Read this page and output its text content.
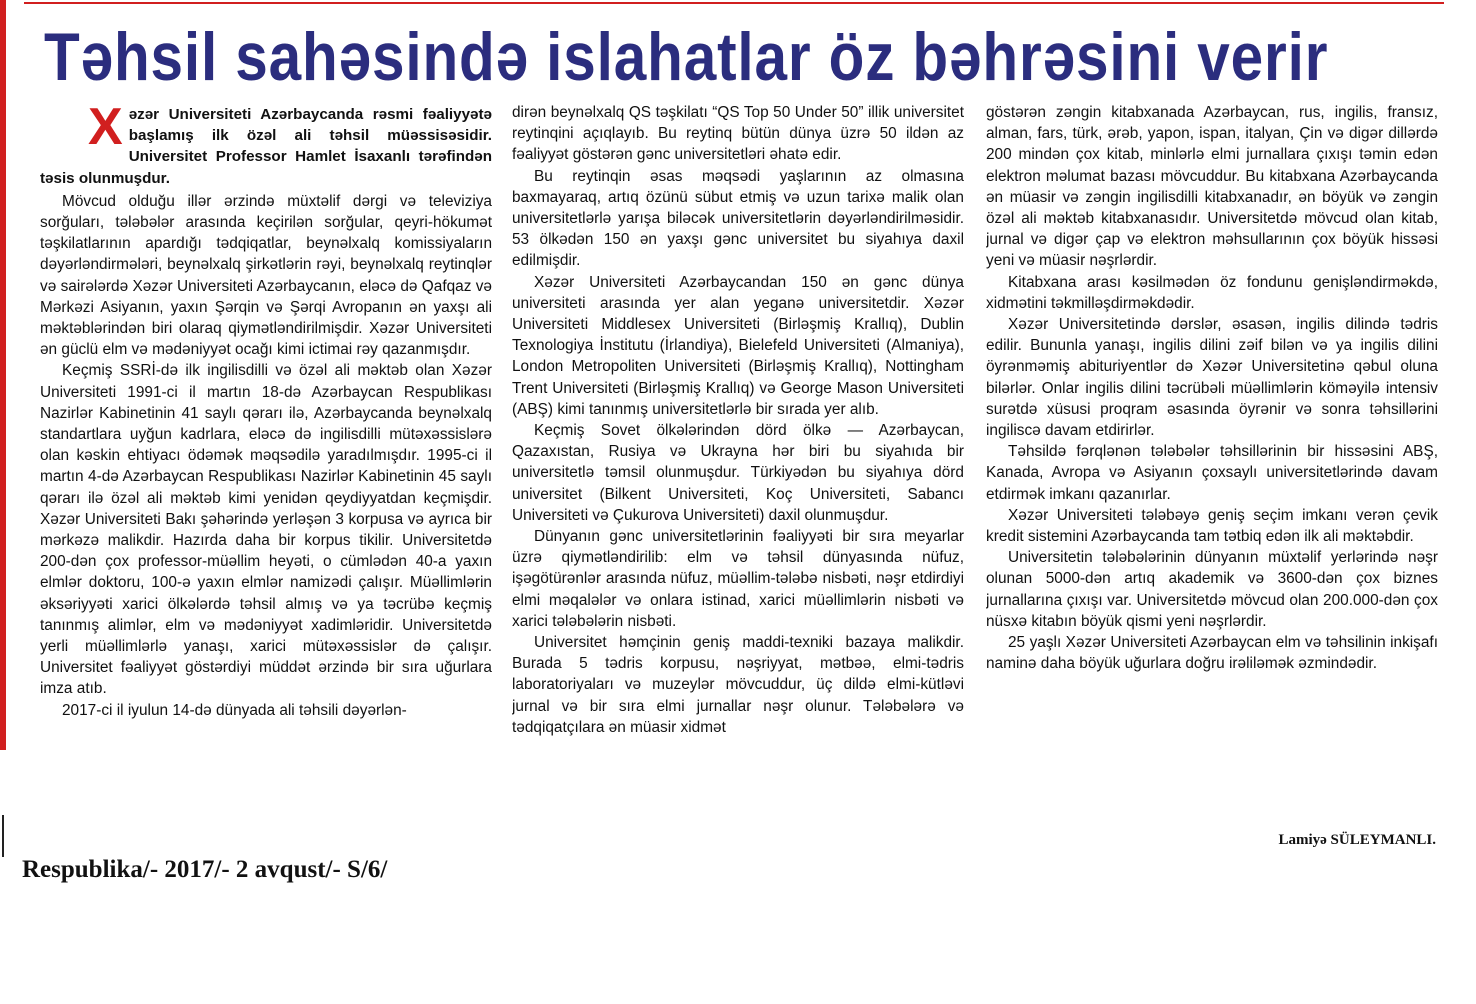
Təhsil sahəsində islahatlar öz bəhrəsini verir

Xəzər Universiteti Azərbaycanda rəsmi fəaliyyətə başlamış ilk özəl ali təhsil müəssisəsidir. Universitet Professor Hamlet İsaxanlı tərəfindən təsis olunmuşdur.

Mövcud olduğu illər ərzində müxtəlif dərgi və televiziya sorğuları, tələbələr arasında keçirilən sorğular, qeyri-hökumət təşkilatlarının apardığı tədqiqatlar, beynəlxalq komissiyaların dəyərləndirmələri, beynəlxalq şirkətlərin rəyi, beynəlxalq reytinqlər və sairələrdə Xəzər Universiteti Azərbaycanın, eləcə də Qafqaz və Mərkəzi Asiyanın, yaxın Şərqin və Şərqi Avropanın ən yaxşı ali məktəblərindən biri olaraq qiymətləndirilmişdir. Xəzər Universiteti ən güclü elm və mədəniyyət ocağı kimi ictimai rəy qazanmışdır.

Keçmiş SSRİ-də ilk ingilisdilli və özəl ali məktəb olan Xəzər Universiteti 1991-ci il martın 18-də Azərbaycan Respublikası Nazirlər Kabinetinin 41 saylı qərarı ilə, Azərbaycanda beynəlxalq standartlara uyğun kadrlara, eləcə də ingilisdilli mütəxəssislərə olan kəskin ehtiyacı ödəmək məqsədilə yaradılmışdır. 1995-ci il martın 4-də Azərbaycan Respublikası Nazirlər Kabinetinin 45 saylı qərarı ilə özəl ali məktəb kimi yenidən qeydiyyatdan keçmişdir. Xəzər Universiteti Bakı şəhərində yerləşən 3 korpusa və ayrıca bir mərkəzə malikdir. Hazırda daha bir korpus tikilir. Universitetdə 200-dən çox professor-müəllim heyəti, o cümlədən 40-a yaxın elmlər doktoru, 100-ə yaxın elmlər namizədi çalışır. Müəllimlərin əksəriyyəti xarici ölkələrdə təhsil almış və ya təcrübə keçmiş tanınmış alimlər, elm və mədəniyyət xadimləridir. Universitetdə yerli müəllimlərlə yanaşı, xarici mütəxəssislər də çalışır. Universitet fəaliyyət göstərdiyi müddət ərzində bir sıra uğurlara imza atıb.

2017-ci il iyulun 14-də dünyada ali təhsili dəyərlən-

dirən beynəlxalq QS təşkilatı “QS Top 50 Under 50” illik universitet reytinqini açıqlayıb. Bu reytinq bütün dünya üzrə 50 ildən az fəaliyyət göstərən gənc universitetləri əhatə edir.

Bu reytinqin əsas məqsədi yaşlarının az olmasına baxmayaraq, artıq özünü sübut etmiş və uzun tarixə malik olan universitetlərlə yarışa biləcək universitetlərin dəyərləndirilməsidir. 53 ölkədən 150 ən yaxşı gənc universitet bu siyahıya daxil edilmişdir.

Xəzər Universiteti Azərbaycandan 150 ən gənc dünya universiteti arasında yer alan yeganə universitetdir. Xəzər Universiteti Middlesex Universiteti (Birləşmiş Krallıq), Dublin Texnologiya İnstitutu (İrlandiya), Bielefeld Universiteti (Almaniya), London Metropoliten Universiteti (Birləşmiş Krallıq), Nottingham Trent Universiteti (Birləşmiş Krallıq) və George Mason Universiteti (ABŞ) kimi tanınmış universitetlərlə bir sırada yer alıb.

Keçmiş Sovet ölkələrindən dörd ölkə — Azərbaycan, Qazaxıstan, Rusiya və Ukrayna hər biri bu siyahıda bir universitetlə təmsil olunmuşdur. Türkiyədən bu siyahıya dörd universitet (Bilkent Universiteti, Koç Universiteti, Sabancı Universiteti və Çukurova Universiteti) daxil olunmuşdur.

Dünyanın gənc universitetlərinin fəaliyyəti bir sıra meyarlar üzrə qiymətləndirilib: elm və təhsil dünyasında nüfuz, işəgötürənlər arasında nüfuz, müəllim-tələbə nisbəti, nəşr etdirdiyi elmi məqalələr və onlara istinad, xarici müəllimlərin nisbəti və xarici tələbələrin nisbəti.

Universitet həmçinin geniş maddi-texniki bazaya malikdir. Burada 5 tədris korpusu, nəşriyyat, mətbəə, elmi-tədris laboratoriyaları və muzeylər mövcuddur, üç dildə elmi-kütləvi jurnal və bir sıra elmi jurnallar nəşr olunur. Tələbələrə və tədqiqatçılara ən müasir xidmət

göstərən zəngin kitabxanada Azərbaycan, rus, ingilis, fransız, alman, fars, türk, ərəb, yapon, ispan, italyan, Çin və digər dillərdə 200 mindən çox kitab, minlərlə elmi jurnallara çıxışı təmin edən elektron məlumat bazası mövcuddur. Bu kitabxana Azərbaycanda ən müasir və zəngin ingilisdilli kitabxanadır, ən böyük və zəngin özəl ali məktəb kitabxanasıdır. Universitetdə mövcud olan kitab, jurnal və digər çap və elektron məhsullarının çox böyük hissəsi yeni və müasir nəşrlərdir.

Kitabxana arası kəsilmədən öz fondunu genişləndirməkdə, xidmətini təkmilləşdirməkdədir.

Xəzər Universitetində dərslər, əsasən, ingilis dilində tədris edilir. Bununla yanaşı, ingilis dilini zəif bilən və ya ingilis dilini öyrənməmiş abituriyentlər də Xəzər Universitetinə qəbul oluna bilərlər. Onlar ingilis dilini təcrübəli müəllimlərin köməyilə intensiv surətdə xüsusi proqram əsasında öyrənir və sonra təhsillərini ingiliscə davam etdirirlər.

Təhsildə fərqlənən tələbələr təhsillərinin bir hissəsini ABŞ, Kanada, Avropa və Asiyanın çoxsaylı universitetlərində davam etdirmək imkanı qazanırlar.

Xəzər Universiteti tələbəyə geniş seçim imkanı verən çevik kredit sistemini Azərbaycanda tam tətbiq edən ilk ali məktəbdir.

Universitetin tələbələrinin dünyanın müxtəlif yerlərində nəşr olunan 5000-dən artıq akademik və 3600-dən çox biznes jurnallarına çıxışı var. Universitetdə mövcud olan 200.000-dən çox nüsxə kitabın böyük qismi yeni nəşrlərdir.

25 yaşlı Xəzər Universiteti Azərbaycan elm və təhsilinin inkişafı naminə daha böyük uğurlara doğru irəliləmək əzmindədir.

Lamiyə SÜLEYMANLI.
Respublika/- 2017/- 2 avqust/- S/6/
